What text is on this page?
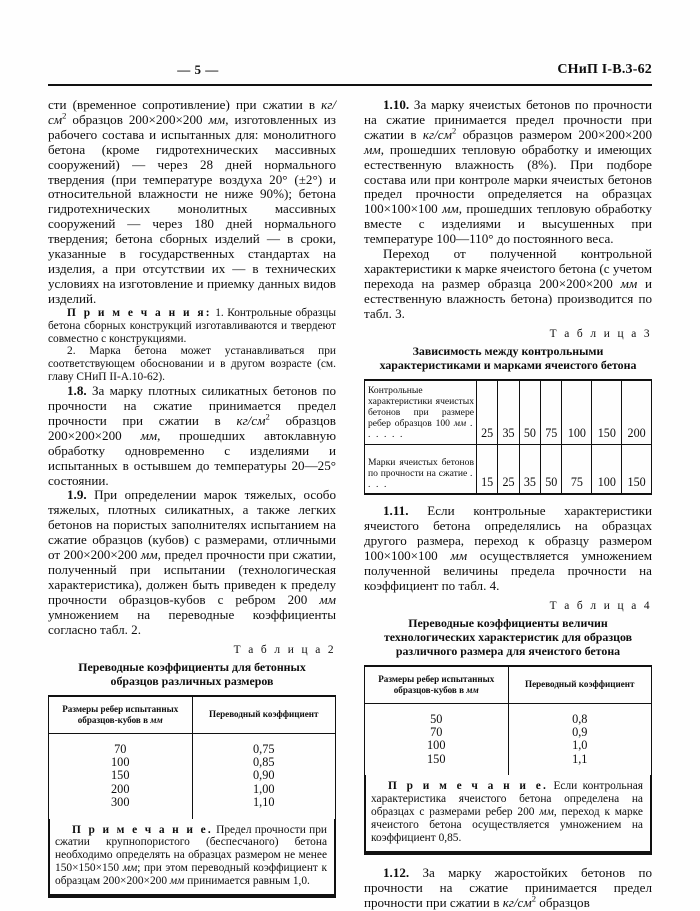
— 5 —	СНиП I-В.3-62

сти (временное сопротивление) при сжатии в $кг/см^2$ образцов 200×200×200 мм, изготовленных из рабочего состава и испытанных для: монолитного бетона (кроме гидротехнических массивных сооружений) — через 28 дней нормального твердения (при температуре воздуха 20° (±2°) и относительной влажности не ниже 90%); бетона гидротехнических монолитных массивных сооружений — через 180 дней нормального твердения; бетона сборных изделий — в сроки, указанные в государственных стандартах на изделия, а при отсутствии их — в технических условиях на изготовление и приемку данных видов изделий.

П р и м е ч а н и я: 1. Контрольные образцы бетона сборных конструкций изготавливаются и твердеют совместно с конструкциями.

2. Марка бетона может устанавливаться при соответствующем обосновании и в другом возрасте (см. главу СНиП II-А.10-62).

1.8. За марку плотных силикатных бетонов по прочности на сжатие принимается предел прочности при сжатии в $кг/см^2$ образцов 200×200×200 мм, прошедших автоклавную обработку одновременно с изделиями и испытанных в остывшем до температуры 20—25° состоянии.

1.9. При определении марок тяжелых, особо тяжелых, плотных силикатных, а также легких бетонов на пористых заполнителях испытанием на сжатие образцов (кубов) с размерами, отличными от 200×200×200 мм, предел прочности при сжатии, полученный при испытании (технологическая характеристика), должен быть приведен к пределу прочности образцов-кубов с ребром 200 мм умножением на переводные коэффициенты согласно табл. 2.

Т а б л и ц а 2
Переводные коэффициенты для бетонных
образцов различных размеров
Размеры ребер испытанных
образцов-кубов в мм	Переводный коэффициент
70	0,75
100	0,85
150	0,90
200	1,00
300	1,10

П р и м е ч а н и е. Предел прочности при сжатии крупнопористого (беспесчаного) бетона необходимо определять на образцах размером не менее 150×150×150 мм; при этом переводный коэффициент к образцам 200×200×200 мм принимается равным 1,0.

1.10. За марку ячеистых бетонов по прочности на сжатие принимается предел прочности при сжатии в $кг/см^2$ образцов размером 200×200×200 мм, прошедших тепловую обработку и имеющих естественную влажность (8%). При подборе состава или при контроле марки ячеистых бетонов предел прочности определяется на образцах 100×100×100 мм, прошедших тепловую обработку вместе с изделиями и высушенных при температуре 100—110° до постоянного веса.

Переход от полученной контрольной характеристики к марке ячеистого бетона (с учетом перехода на размер образца 200×200×200 мм и естественную влажность бетона) производится по табл. 3.

Т а б л и ц а 3
Зависимость между контрольными
характеристиками и марками ячеистого бетона
Контрольные характеристики ячеистых бетонов при размере ребер образцов 100 мм . . . . . .	25	35	50	75	100	150	200
Марки ячеистых бетонов по прочности на сжатие . . . .	15	25	35	50	75	100	150

1.11. Если контрольные характеристики ячеистого бетона определялись на образцах другого размера, переход к образцу размером 100×100×100 мм осуществляется умножением полученной величины предела прочности на коэффициент по табл. 4.

Т а б л и ц а 4
Переводные коэффициенты величин
технологических характеристик для образцов
различного размера для ячеистого бетона
Размеры ребер испытанных
образцов-кубов в мм	Переводный коэффициент
50	0,8
70	0,9
100	1,0
150	1,1

П р и м е ч а н и е. Если контрольная характеристика ячеистого бетона определена на образцах с размерами ребер 200 мм, переход к марке ячеистого бетона осуществляется умножением на коэффициент 0,85.

1.12. За марку жаростойких бетонов по прочности на сжатие принимается предел прочности при сжатии в $кг/см^2$ образцов
